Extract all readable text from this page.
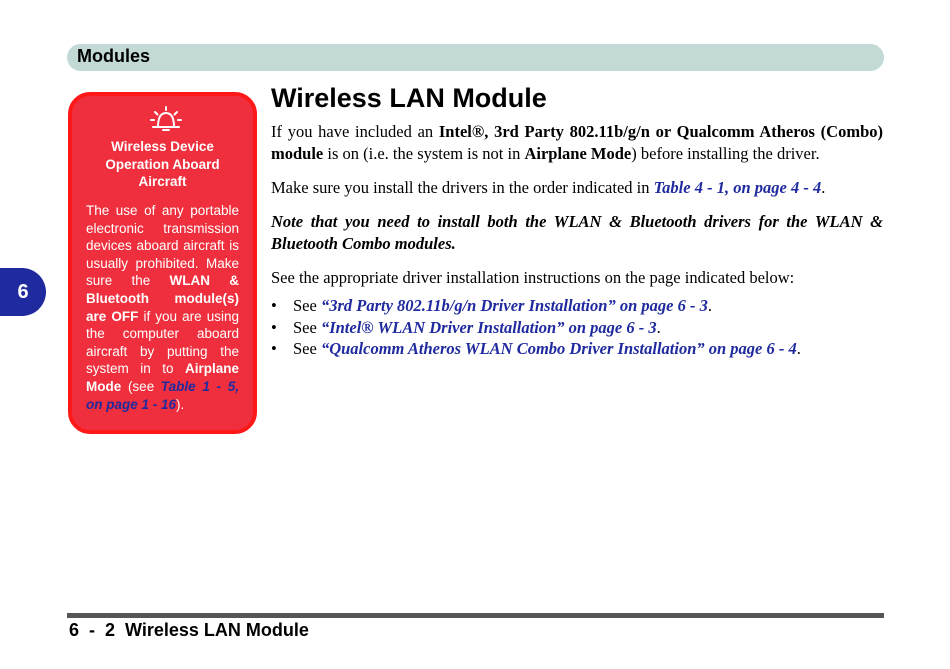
Modules
6
Wireless Device Operation Aboard Aircraft
The use of any portable electronic transmission devices aboard aircraft is usually prohibited. Make sure the WLAN & Bluetooth module(s) are OFF if you are using the computer aboard aircraft by putting the system in to Airplane Mode (see Table 1 - 5, on page 1 - 16).
Wireless LAN Module

If you have included an Intel®, 3rd Party 802.11b/g/n or Qualcomm Atheros (Combo) module is on (i.e. the system is not in Airplane Mode) before installing the driver.

Make sure you install the drivers in the order indicated in Table 4 - 1, on page 4 - 4.

Note that you need to install both the WLAN & Bluetooth drivers for the WLAN & Bluetooth Combo modules.

See the appropriate driver installation instructions on the page indicated below:

• See “3rd Party 802.11b/g/n Driver Installation” on page 6 - 3.
• See “Intel® WLAN Driver Installation” on page 6 - 3.
• See “Qualcomm Atheros WLAN Combo Driver Installation” on page 6 - 4.
6  -  2  Wireless LAN Module
